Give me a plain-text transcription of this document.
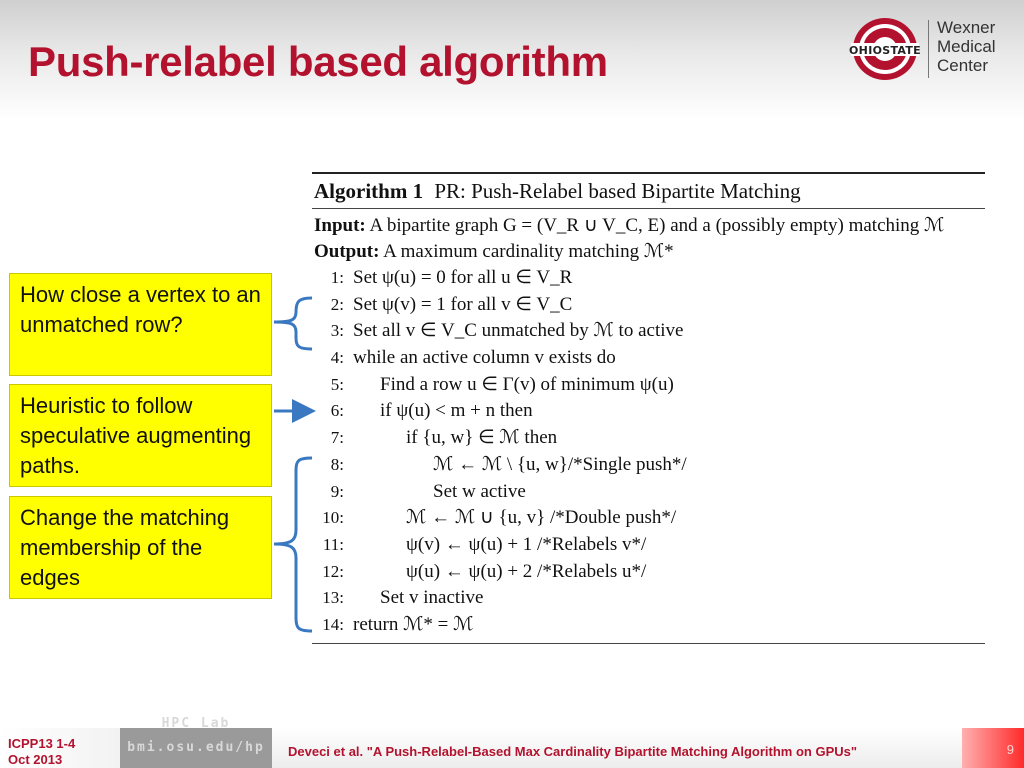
Push-relabel based algorithm	OHIOSTATE
Wexner
Medical
Center
Algorithm 1 PR: Push-Relabel based Bipartite Matching
Input: A bipartite graph G = (V_R ∪ V_C, E) and a (possibly empty) matching ℳ
Output: A maximum cardinality matching ℳ*
1: Set ψ(u) = 0 for all u ∈ V_R
2: Set ψ(v) = 1 for all v ∈ V_C
3: Set all v ∈ V_C unmatched by ℳ to active
4: while an active column v exists do
5: Find a row u ∈ Γ(v) of minimum ψ(u)
6: if ψ(u) < m + n then
7:	if {u, w} ∈ ℳ then
8:	ℳ ← ℳ \ {u, w}/*Single push*/
9:	Set w active
10:	ℳ ← ℳ ∪ {u, v} /*Double push*/
11:	ψ(v) ← ψ(u) + 1 /*Relabels v*/
12:	ψ(u) ← ψ(u) + 2 /*Relabels u*/
13: Set v inactive
14: return ℳ* = ℳ
How close a vertex to an unmatched row?
Heuristic to follow speculative augmenting paths.
Change the matching membership of the edges
ICPP13 1-4
Oct 2013
HPC Lab
bmi.osu.edu/hp	Deveci et al. "A Push-Relabel-Based Max Cardinality Bipartite Matching Algorithm on GPUs"	9
